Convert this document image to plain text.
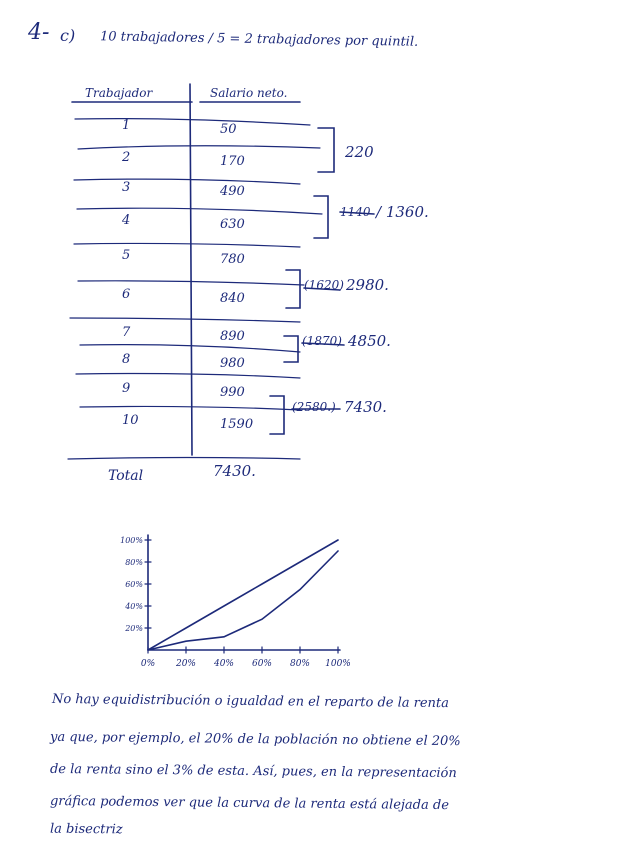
0% 20% 40% 60% 80% 100%
20%
40%
60%
80%
100%
4- c) 10 trabajadores / 5 = 2 trabajadores por quintil.
Trabajador	Salario neto.
1	50
2	170
3	490
4	630
5	780
6	840
7	890
8	980
9	990
10	1590
220
1140 / 1360.
(1620) 2980.
(1870) 4850.
(2580.) 7430.
Total	7430.
No hay equidistribución o igualdad en el reparto de la renta
ya que, por ejemplo, el 20% de la población no obtiene el 20%
de la renta sino el 3% de esta. Así, pues, en la representación
gráfica podemos ver que la curva de la renta está alejada de
la bisectriz
